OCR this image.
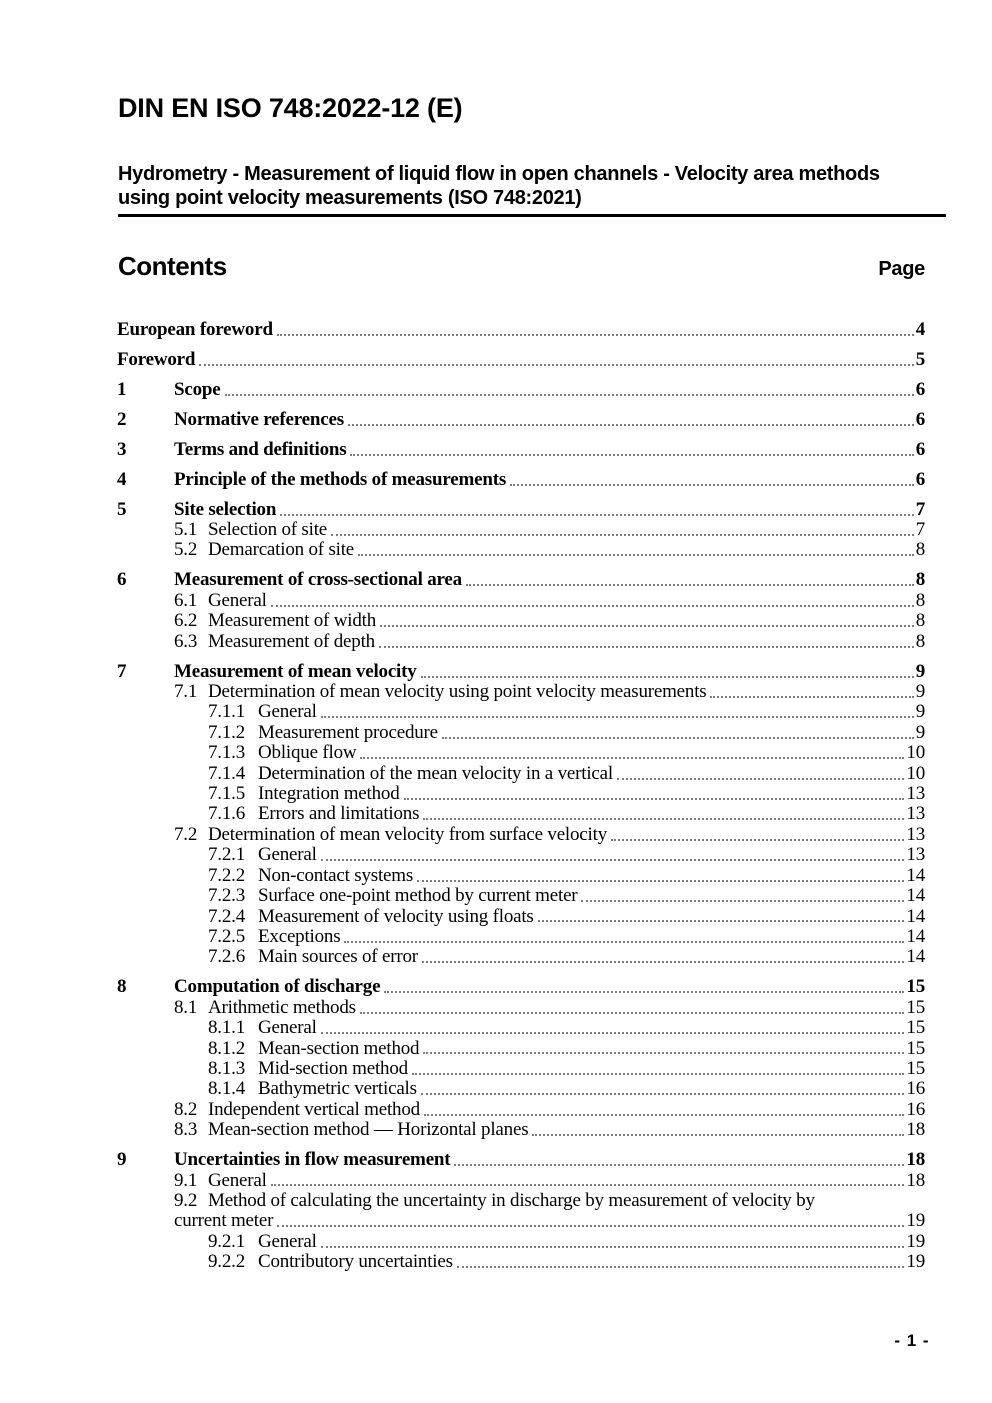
DIN EN ISO 748:2022-12 (E)
Hydrometry - Measurement of liquid flow in open channels - Velocity area methods using point velocity measurements (ISO 748:2021)
Contents	Page
European foreword	4
Foreword	5
1	Scope	6
2	Normative references	6
3	Terms and definitions	6
4	Principle of the methods of measurements	6
5	Site selection	7
5.1 Selection of site	7
5.2 Demarcation of site	8
6	Measurement of cross-sectional area	8
6.1 General	8
6.2 Measurement of width	8
6.3 Measurement of depth	8
7	Measurement of mean velocity	9
7.1 Determination of mean velocity using point velocity measurements	9
7.1.1 General	9
7.1.2 Measurement procedure	9
7.1.3 Oblique flow	10
7.1.4 Determination of the mean velocity in a vertical	10
7.1.5 Integration method	13
7.1.6 Errors and limitations	13
7.2 Determination of mean velocity from surface velocity	13
7.2.1 General	13
7.2.2 Non-contact systems	14
7.2.3 Surface one-point method by current meter	14
7.2.4 Measurement of velocity using floats	14
7.2.5 Exceptions	14
7.2.6 Main sources of error	14
8	Computation of discharge	15
8.1 Arithmetic methods	15
8.1.1 General	15
8.1.2 Mean-section method	15
8.1.3 Mid-section method	15
8.1.4 Bathymetric verticals	16
8.2 Independent vertical method	16
8.3 Mean-section method — Horizontal planes	18
9	Uncertainties in flow measurement	18
9.1 General	18
9.2 Method of calculating the uncertainty in discharge by measurement of velocity by
current meter	19
9.2.1 General	19
9.2.2 Contributory uncertainties	19
- 1 -
